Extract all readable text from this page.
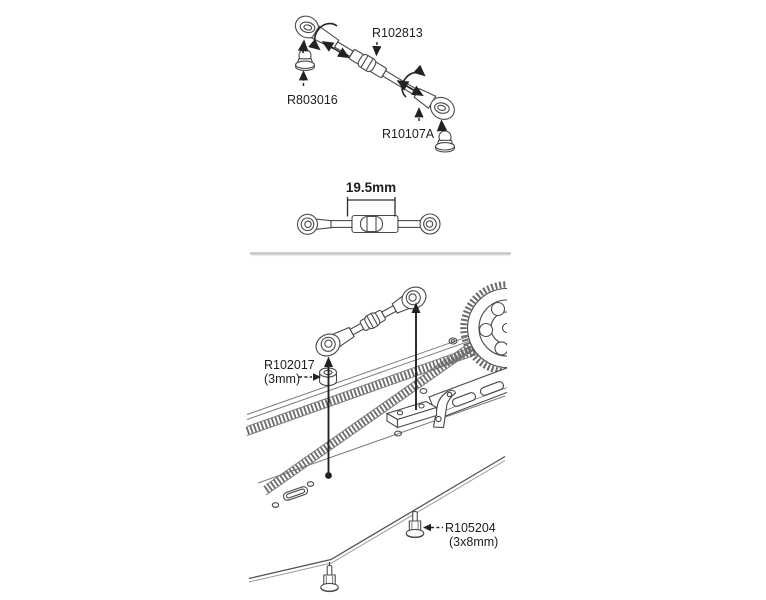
R102813
R803016
R10107A
19.5mm
R102017
(3mm)
R105204
(3x8mm)
